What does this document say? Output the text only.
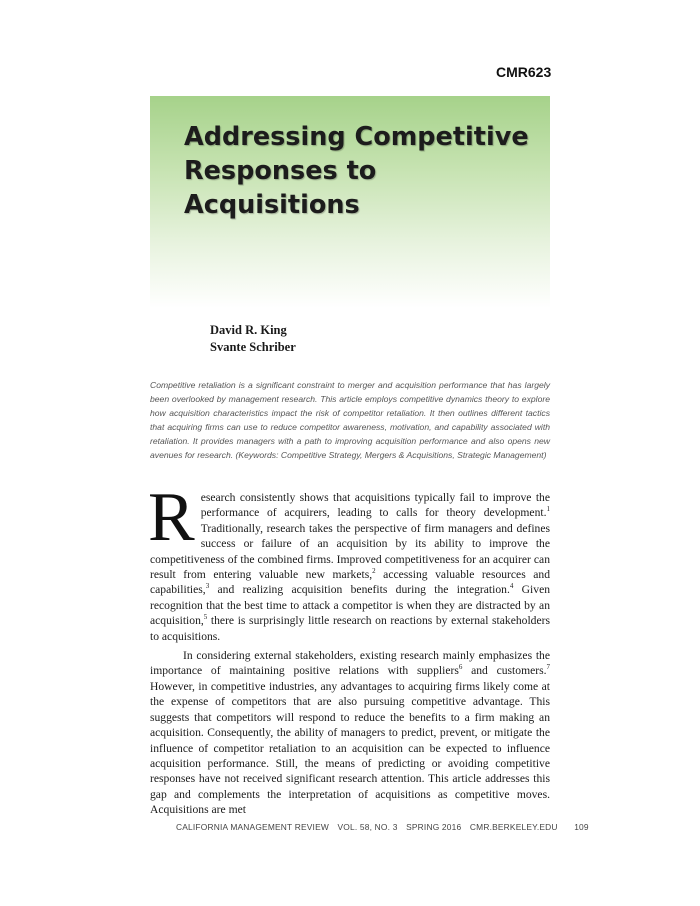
CMR623
Addressing Competitive Responses to Acquisitions
David R. King
Svante Schriber
Competitive retaliation is a significant constraint to merger and acquisition performance that has largely been overlooked by management research. This article employs competitive dynamics theory to explore how acquisition characteristics impact the risk of competitor retaliation. It then outlines different tactics that acquiring firms can use to reduce competitor awareness, motivation, and capability associated with retaliation. It provides managers with a path to improving acquisition performance and also opens new avenues for research. (Keywords: Competitive Strategy, Mergers & Acquisitions, Strategic Management)

Research consistently shows that acquisitions typically fail to improve the performance of acquirers, leading to calls for theory development.$^1$ Traditionally, research takes the perspective of firm managers and defines success or failure of an acquisition by its ability to improve the competitiveness of the combined firms. Improved competitiveness for an acquirer can result from entering valuable new markets,$^2$ accessing valuable resources and capabilities,$^3$ and realizing acquisition benefits during the integration.$^4$ Given recognition that the best time to attack a competitor is when they are distracted by an acquisition,$^5$ there is surprisingly little research on reactions by external stakeholders to acquisitions.

In considering external stakeholders, existing research mainly emphasizes the importance of maintaining positive relations with suppliers$^6$ and customers.$^7$ However, in competitive industries, any advantages to acquiring firms likely come at the expense of competitors that are also pursuing competitive advantage. This suggests that competitors will respond to reduce the benefits to a firm making an acquisition. Consequently, the ability of managers to predict, prevent, or mitigate the influence of competitor retaliation to an acquisition can be expected to influence acquisition performance. Still, the means of predicting or avoiding competitive responses have not received significant research attention. This article addresses this gap and complements the interpretation of acquisitions as competitive moves. Acquisitions are met

CALIFORNIA MANAGEMENT REVIEW VOL. 58, NO. 3 SPRING 2016 CMR.BERKELEY.EDU 109
